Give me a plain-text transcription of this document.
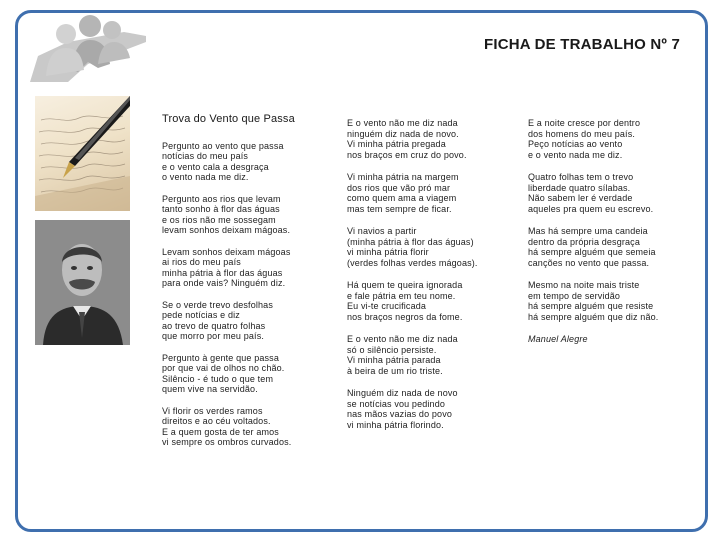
FICHA DE TRABALHO Nº 7
Trova do Vento que Passa
Pergunto ao vento que passa
notícias do meu país
e o vento cala a desgraça
o vento nada me diz.
Pergunto aos rios que levam
tanto sonho à flor das águas
e os rios não me sossegam
levam sonhos deixam mágoas.
Levam sonhos deixam mágoas
ai rios do meu país
minha pátria à flor das águas
para onde vais? Ninguém diz.
Se o verde trevo desfolhas
pede notícias e diz
ao trevo de quatro folhas
que morro por meu país.
Pergunto à gente que passa
por que vai de olhos no chão.
Silêncio - é tudo o que tem
quem vive na servidão.
Vi florir os verdes ramos
direitos e ao céu voltados.
E a quem gosta de ter amos
vi sempre os ombros curvados.
E o vento não me diz nada
ninguém diz nada de novo.
Vi minha pátria pregada
nos braços em cruz do povo.
Vi minha pátria na margem
dos rios que vão pró mar
como quem ama a viagem
mas tem sempre de ficar.
Vi navios a partir
(minha pátria à flor das águas)
vi minha pátria florir
(verdes folhas verdes mágoas).
Há quem te queira ignorada
e fale pátria em teu nome.
Eu vi-te crucificada
nos braços negros da fome.
E o vento não me diz nada
só o silêncio persiste.
Vi minha pátria parada
à beira de um rio triste.
Ninguém diz nada de novo
se notícias vou pedindo
nas mãos vazias do povo
vi minha pátria florindo.
E a noite cresce por dentro
dos homens do meu país.
Peço notícias ao vento
e o vento nada me diz.
Quatro folhas tem o trevo
liberdade quatro sílabas.
Não sabem ler é verdade
aqueles pra quem eu escrevo.
Mas há sempre uma candeia
dentro da própria desgraça
há sempre alguém que semeia
canções no vento que passa.
Mesmo na noite mais triste
em tempo de servidão
há sempre alguém que resiste
há sempre alguém que diz não.
Manuel Alegre
